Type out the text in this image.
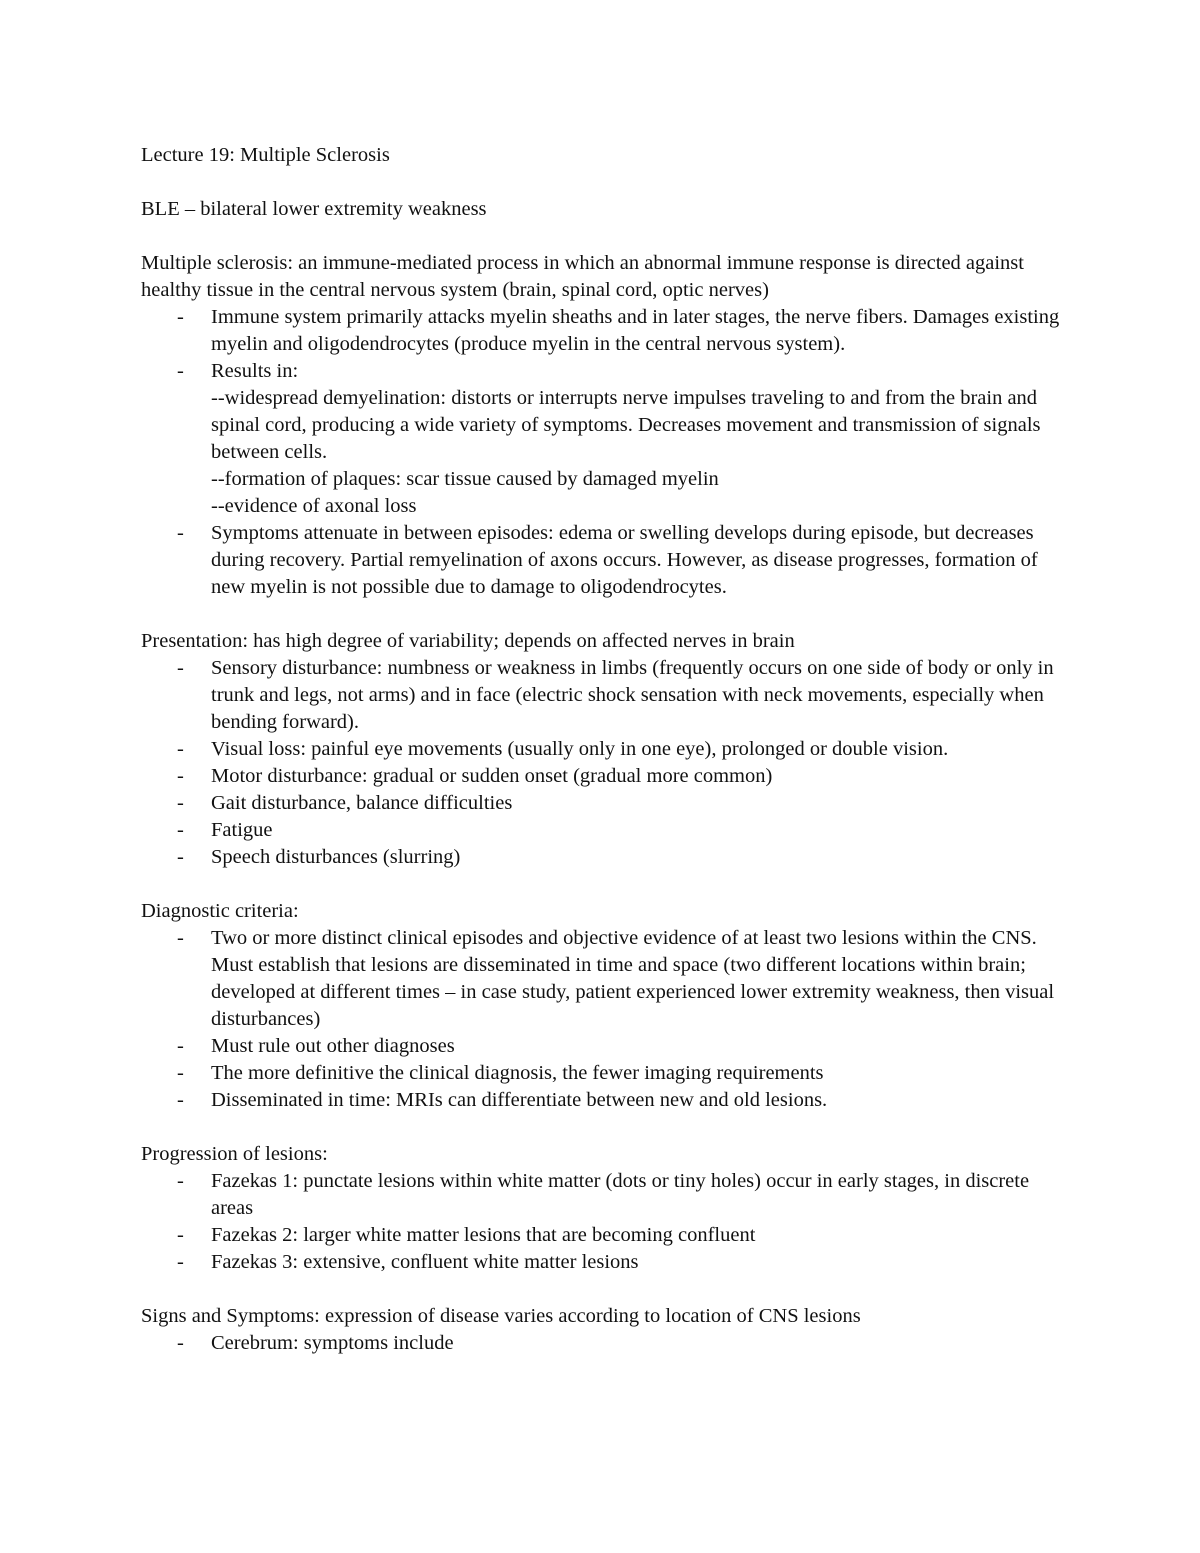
Lecture 19: Multiple Sclerosis

BLE – bilateral lower extremity weakness

Multiple sclerosis: an immune-mediated process in which an abnormal immune response is directed against healthy tissue in the central nervous system (brain, spinal cord, optic nerves)

- Immune system primarily attacks myelin sheaths and in later stages, the nerve fibers. Damages existing myelin and oligodendrocytes (produce myelin in the central nervous system).
- Results in:
--widespread demyelination: distorts or interrupts nerve impulses traveling to and from the brain and spinal cord, producing a wide variety of symptoms. Decreases movement and transmission of signals between cells.
--formation of plaques: scar tissue caused by damaged myelin
--evidence of axonal loss
- Symptoms attenuate in between episodes: edema or swelling develops during episode, but decreases during recovery. Partial remyelination of axons occurs. However, as disease progresses, formation of new myelin is not possible due to damage to oligodendrocytes.

Presentation: has high degree of variability; depends on affected nerves in brain

- Sensory disturbance: numbness or weakness in limbs (frequently occurs on one side of body or only in trunk and legs, not arms) and in face (electric shock sensation with neck movements, especially when bending forward).
- Visual loss: painful eye movements (usually only in one eye), prolonged or double vision.
- Motor disturbance: gradual or sudden onset (gradual more common)
- Gait disturbance, balance difficulties
- Fatigue
- Speech disturbances (slurring)

Diagnostic criteria:

- Two or more distinct clinical episodes and objective evidence of at least two lesions within the CNS. Must establish that lesions are disseminated in time and space (two different locations within brain; developed at different times – in case study, patient experienced lower extremity weakness, then visual disturbances)
- Must rule out other diagnoses
- The more definitive the clinical diagnosis, the fewer imaging requirements
- Disseminated in time: MRIs can differentiate between new and old lesions.

Progression of lesions:

- Fazekas 1: punctate lesions within white matter (dots or tiny holes) occur in early stages, in discrete areas
- Fazekas 2: larger white matter lesions that are becoming confluent
- Fazekas 3: extensive, confluent white matter lesions

Signs and Symptoms: expression of disease varies according to location of CNS lesions

- Cerebrum: symptoms include
